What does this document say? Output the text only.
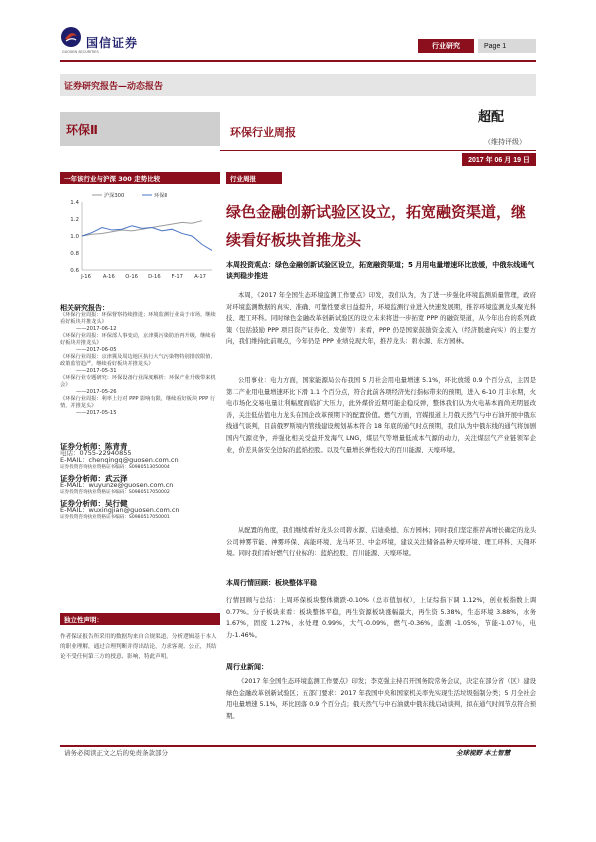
国信证券
GUOSEN SECURITIES
行业研究	Page 1
证券研究报告—动态报告
环保Ⅱ	环保行业周报
超配
（维持评级）
2017 年 06 月 19 日
一年该行业与沪深 300 走势比较
0.6
0.8
1.0
1.2
1.4
J-16 A-16 O-16 D-16 F-17 A-17
沪深300	环保Ⅱ
相关研究报告：
《环保行业周报：环保督察持续推进；环境监测行业高于市场，继续看好板块并推龙头》
——2017-06-12
《环保行业周报：环保部人事变动，京津冀污染防治再升级，继续看好板块并推龙头》
——2017-06-05
《环保行业周报：京津冀及周边地区执行大气污染物特别排放限值，政策监管趋严，继续看好板块并推龙头》
——2017-05-31
《环保行业专题研究：环保设备行业深度解析：环保产业升级带来机会》
——2017-05-26
《环保行业周报：利率上行对 PPP 影响有限，继续看好板块 PPP 行情，并推龙头》
——2017-05-15
证券分析师：陈青青
电话：0755-22940855
E-MAIL：chenqingq@guosen.com.cn
证券投资咨询执业资格证书编码：S0980513050004
证券分析师：武云泽
E-MAIL：wuyunze@guosen.com.cn
证券投资咨询执业资格证书编码：S0980517050002
证券分析师：吴行健
E-MAIL：wuxingjian@guosen.com.cn
证券投资咨询执业资格证书编码：S0980517050001
独立性声明：
作者保证报告所采用的数据均来自合规渠道，分析逻辑基于本人的职业理解，通过合理判断并得出结论，力求客观、公正，其结论不受任何第三方的授意、影响，特此声明。
行业周报
绿色金融创新试验区设立，拓宽融资渠道，继续看好板块首推龙头
本周投资观点：绿色金融创新试验区设立，拓宽融资渠道；5 月用电量增速环比放缓，中俄东线通气谈判稳步推进
本周，《2017 年全国生态环境监测工作要点》印发，我们认为，为了进一步强化环境监测质量管理，政府对环境监测数据的真实、准确、可靠性要求日益提升，环境监测行业进入快速发展期，推荐环境监测龙头聚光科技、理工环科。同时绿色金融改革创新试验区的设立未来将进一步拓宽 PPP 的融资渠道，从今年出台的系列政策（包括鼓励 PPP 项目资产证券化、发债等）来看，PPP 仍是国家鼓励资金流入（经济脱虚向实）的主要方向，我们维持此前观点，今年仍是 PPP 业绩兑现大年，推荐龙头：碧水源、东方园林。
公用事业：电力方面，国家能源局公布我国 5 月社会用电量增速 5.1%，环比放缓 0.9 个百分点，主因是第二产业用电量增速环比下滑 1.1 个百分点，符合此前各项经济先行指标带来的预期，进入 6-10 月丰水期，火电市场化交易电量让利幅度面临扩大压力，此外煤价近期可能企稳反弹，整体我们认为火电基本面尚无明显改善，关注低估值电力龙头在国企改革预期下的配置价值。燃气方面，官媒报道上月俄天然气与中石油开展中俄东线通气谈判，目前俄罗斯境内管线建设规划基本符合 18 年底的通气时点预期，我们认为中俄东线的通气将加剧国内气源竞争，并强化相关受益开发海气 LNG，煤层气等增量低成本气源的动力，关注煤层气产业链领军企业，价差具备安全边际的蓝焰控股。以及气量增长弹性较大的百川能源、天壕环境。
从配置的角度，我们继续看好龙头公司碧水源、启迪桑德、东方园林；同时我们坚定推荐高增长确定的龙头公司神雾节能、神雾环保、高能环境、龙马环卫、中金环境，建议关注储备品种天壕环境、理工环科、天翔环境。同时我们看好燃气行业标的：蓝焰控股、百川能源、天壕环境。
本周行情回顾：板块整体平稳
行情回顾与总结：上周环保板块整体微跌-0.10%（总市值加权），上证综指下调 1.12%，创业板指数上调 0.77%。分子板块来看：板块整体平稳，再生资源板块涨幅最大，再生资 5.38%，生态环境 3.88%，水务 1.67%，固废 1.27%，水处理 0.99%，大气-0.09%，燃气-0.36%，监测 -1.05%，节能-1.07％，电力-1.46%。
周行业新闻：
《2017 年全国生态环境监测工作要点》印发；李克强主持召开国务院常务会议，决定在部分省（区）建设绿色金融改革创新试验区；五部门要求：2017 年我国中央和国家机关率先实现生活垃圾强制分类；5 月全社会用电量增速 5.1%，环比回落 0.9 个百分点；俄天然气与中石油就中俄东线启动谈判，拟在通气时间节点符合预期。
请务必阅读正文之后的免责条款部分	全球视野 本土智慧
